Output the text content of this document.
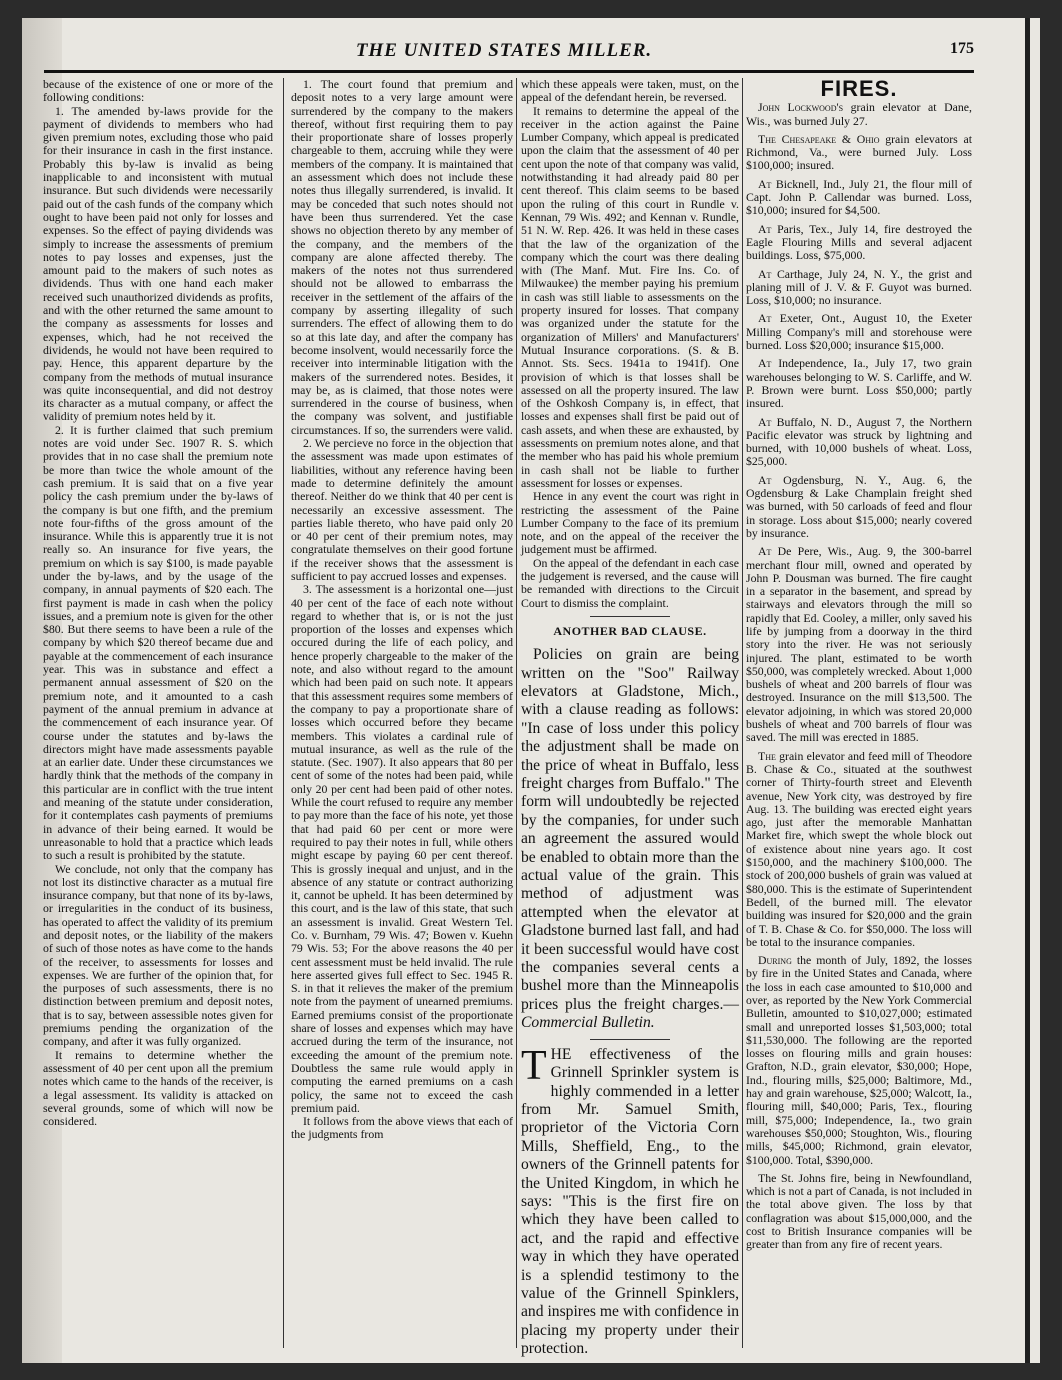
THE UNITED STATES MILLER.	175

because of the existence of one or more of the following conditions:

1. The amended by-laws provide for the payment of dividends to members who had given premium notes, excluding those who paid for their insurance in cash in the first instance. Probably this by-law is invalid as being inapplicable to and inconsistent with mutual insurance. But such dividends were necessarily paid out of the cash funds of the company which ought to have been paid not only for losses and expenses. So the effect of paying dividends was simply to increase the assessments of premium notes to pay losses and expenses, just the amount paid to the makers of such notes as dividends. Thus with one hand each maker received such unauthorized dividends as profits, and with the other returned the same amount to the company as assessments for losses and expenses, which, had he not received the dividends, he would not have been required to pay. Hence, this apparent departure by the company from the methods of mutual insurance was quite inconsequential, and did not destroy its character as a mutual company, or affect the validity of premium notes held by it.

2. It is further claimed that such premium notes are void under Sec. 1907 R. S. which provides that in no case shall the premium note be more than twice the whole amount of the cash premium. It is said that on a five year policy the cash premium under the by-laws of the company is but one fifth, and the premium note four-fifths of the gross amount of the insurance. While this is apparently true it is not really so. An insurance for five years, the premium on which is say $100, is made payable under the by-laws, and by the usage of the company, in annual payments of $20 each. The first payment is made in cash when the policy issues, and a premium note is given for the other $80. But there seems to have been a rule of the company by which $20 thereof became due and payable at the commencement of each insurance year. This was in substance and effect a permanent annual assessment of $20 on the premium note, and it amounted to a cash payment of the annual premium in advance at the commencement of each insurance year. Of course under the statutes and by-laws the directors might have made assessments payable at an earlier date. Under these circumstances we hardly think that the methods of the company in this particular are in conflict with the true intent and meaning of the statute under consideration, for it contemplates cash payments of premiums in advance of their being earned. It would be unreasonable to hold that a practice which leads to such a result is prohibited by the statute.

We conclude, not only that the company has not lost its distinctive character as a mutual fire insurance company, but that none of its by-laws, or irregularities in the conduct of its business, has operated to affect the validity of its premium and deposit notes, or the liability of the makers of such of those notes as have come to the hands of the receiver, to assessments for losses and expenses. We are further of the opinion that, for the purposes of such assessments, there is no distinction between premium and deposit notes, that is to say, between assessible notes given for premiums pending the organization of the company, and after it was fully organized.

It remains to determine whether the assessment of 40 per cent upon all the premium notes which came to the hands of the receiver, is a legal assessment. Its validity is attacked on several grounds, some of which will now be considered.

1. The court found that premium and deposit notes to a very large amount were surrendered by the company to the makers thereof, without first requiring them to pay their proportionate share of losses properly chargeable to them, accruing while they were members of the company. It is maintained that an assessment which does not include these notes thus illegally surrendered, is invalid. It may be conceded that such notes should not have been thus surrendered. Yet the case shows no objection thereto by any member of the company, and the members of the company are alone affected thereby. The makers of the notes not thus surrendered should not be allowed to embarrass the receiver in the settlement of the affairs of the company by asserting illegality of such surrenders. The effect of allowing them to do so at this late day, and after the company has become insolvent, would necessarily force the receiver into interminable litigation with the makers of the surrendered notes. Besides, it may be, as is claimed, that those notes were surrendered in the course of business, when the company was solvent, and justifiable circumstances. If so, the surrenders were valid.

2. We percieve no force in the objection that the assessment was made upon estimates of liabilities, without any reference having been made to determine definitely the amount thereof. Neither do we think that 40 per cent is necessarily an excessive assessment. The parties liable thereto, who have paid only 20 or 40 per cent of their premium notes, may congratulate themselves on their good fortune if the receiver shows that the assessment is sufficient to pay accrued losses and expenses.

3. The assessment is a horizontal one—just 40 per cent of the face of each note without regard to whether that is, or is not the just proportion of the losses and expenses which occured during the life of each policy, and hence properly chargeable to the maker of the note, and also without regard to the amount which had been paid on such note. It appears that this assessment requires some members of the company to pay a proportionate share of losses which occurred before they became members. This violates a cardinal rule of mutual insurance, as well as the rule of the statute. (Sec. 1907). It also appears that 80 per cent of some of the notes had been paid, while only 20 per cent had been paid of other notes. While the court refused to require any member to pay more than the face of his note, yet those that had paid 60 per cent or more were required to pay their notes in full, while others might escape by paying 60 per cent thereof. This is grossly inequal and unjust, and in the absence of any statute or contract authorizing it, cannot be upheld. It has been determined by this court, and is the law of this state, that such an assessment is invalid. Great Western Tel. Co. v. Burnham, 79 Wis. 47; Bowen v. Kuehn 79 Wis. 53; For the above reasons the 40 per cent assessment must be held invalid. The rule here asserted gives full effect to Sec. 1945 R. S. in that it relieves the maker of the premium note from the payment of unearned premiums. Earned premiums consist of the proportionate share of losses and expenses which may have accrued during the term of the insurance, not exceeding the amount of the premium note. Doubtless the same rule would apply in computing the earned premiums on a cash policy, the same not to exceed the cash premium paid.

It follows from the above views that each of the judgments from

which these appeals were taken, must, on the appeal of the defendant herein, be reversed.

It remains to determine the appeal of the receiver in the action against the Paine Lumber Company, which appeal is predicated upon the claim that the assessment of 40 per cent upon the note of that company was valid, notwithstanding it had already paid 80 per cent thereof. This claim seems to be based upon the ruling of this court in Rundle v. Kennan, 79 Wis. 492; and Kennan v. Rundle, 51 N. W. Rep. 426. It was held in these cases that the law of the organization of the company which the court was there dealing with (The Manf. Mut. Fire Ins. Co. of Milwaukee) the member paying his premium in cash was still liable to assessments on the property insured for losses. That company was organized under the statute for the organization of Millers' and Manufacturers' Mutual Insurance corporations. (S. & B. Annot. Sts. Secs. 1941a to 1941f). One provision of which is that losses shall be assessed on all the property insured. The law of the Oshkosh Company is, in effect, that losses and expenses shall first be paid out of cash assets, and when these are exhausted, by assessments on premium notes alone, and that the member who has paid his whole premium in cash shall not be liable to further assessment for losses or expenses.

Hence in any event the court was right in restricting the assessment of the Paine Lumber Company to the face of its premium note, and on the appeal of the receiver the judgement must be affirmed.

On the appeal of the defendant in each case the judgement is reversed, and the cause will be remanded with directions to the Circuit Court to dismiss the complaint.

ANOTHER BAD CLAUSE.

Policies on grain are being written on the "Soo" Railway elevators at Gladstone, Mich., with a clause reading as follows: "In case of loss under this policy the adjustment shall be made on the price of wheat in Buffalo, less freight charges from Buffalo." The form will undoubtedly be rejected by the companies, for under such an agreement the assured would be enabled to obtain more than the actual value of the grain. This method of adjustment was attempted when the elevator at Gladstone burned last fall, and had it been successful would have cost the companies several cents a bushel more than the Minneapolis prices plus the freight charges.—Commercial Bulletin.

THE effectiveness of the Grinnell Sprinkler system is highly commended in a letter from Mr. Samuel Smith, proprietor of the Victoria Corn Mills, Sheffield, Eng., to the owners of the Grinnell patents for the United Kingdom, in which he says: "This is the first fire on which they have been called to act, and the rapid and effective way in which they have operated is a splendid testimony to the value of the Grinnell Spinklers, and inspires me with confidence in placing my property under their protection.

FIRES.

John Lockwood's grain elevator at Dane, Wis., was burned July 27.

The Chesapeake & Ohio grain elevators at Richmond, Va., were burned July. Loss $100,000; insured.

At Bicknell, Ind., July 21, the flour mill of Capt. John P. Callendar was burned. Loss, $10,000; insured for $4,500.

At Paris, Tex., July 14, fire destroyed the Eagle Flouring Mills and several adjacent buildings. Loss, $75,000.

At Carthage, July 24, N. Y., the grist and planing mill of J. V. & F. Guyot was burned. Loss, $10,000; no insurance.

At Exeter, Ont., August 10, the Exeter Milling Company's mill and storehouse were burned. Loss $20,000; insurance $15,000.

At Independence, Ia., July 17, two grain warehouses belonging to W. S. Carliffe, and W. P. Brown were burnt. Loss $50,000; partly insured.

At Buffalo, N. D., August 7, the Northern Pacific elevator was struck by lightning and burned, with 10,000 bushels of wheat. Loss, $25,000.

At Ogdensburg, N. Y., Aug. 6, the Ogdensburg & Lake Champlain freight shed was burned, with 50 carloads of feed and flour in storage. Loss about $15,000; nearly covered by insurance.

At De Pere, Wis., Aug. 9, the 300-barrel merchant flour mill, owned and operated by John P. Dousman was burned. The fire caught in a separator in the basement, and spread by stairways and elevators through the mill so rapidly that Ed. Cooley, a miller, only saved his life by jumping from a doorway in the third story into the river. He was not seriously injured. The plant, estimated to be worth $50,000, was completely wrecked. About 1,000 bushels of wheat and 200 barrels of flour was destroyed. Insurance on the mill $13,500. The elevator adjoining, in which was stored 20,000 bushels of wheat and 700 barrels of flour was saved. The mill was erected in 1885.

The grain elevator and feed mill of Theodore B. Chase & Co., situated at the southwest corner of Thirty-fourth street and Eleventh avenue, New York city, was destroyed by fire Aug. 13. The building was erected eight years ago, just after the memorable Manhattan Market fire, which swept the whole block out of existence about nine years ago. It cost $150,000, and the machinery $100,000. The stock of 200,000 bushels of grain was valued at $80,000. This is the estimate of Superintendent Bedell, of the burned mill. The elevator building was insured for $20,000 and the grain of T. B. Chase & Co. for $50,000. The loss will be total to the insurance companies.

During the month of July, 1892, the losses by fire in the United States and Canada, where the loss in each case amounted to $10,000 and over, as reported by the New York Commercial Bulletin, amounted to $10,027,000; estimated small and unreported losses $1,503,000; total $11,530,000. The following are the reported losses on flouring mills and grain houses: Grafton, N.D., grain elevator, $30,000; Hope, Ind., flouring mills, $25,000; Baltimore, Md., hay and grain warehouse, $25,000; Walcott, Ia., flouring mill, $40,000; Paris, Tex., flouring mill, $75,000; Independence, Ia., two grain warehouses $50,000; Stoughton, Wis., flouring mills, $45,000; Richmond, grain elevator, $100,000. Total, $390,000.

The St. Johns fire, being in Newfoundland, which is not a part of Canada, is not included in the total above given. The loss by that conflagration was about $15,000,000, and the cost to British Insurance companies will be greater than from any fire of recent years.
